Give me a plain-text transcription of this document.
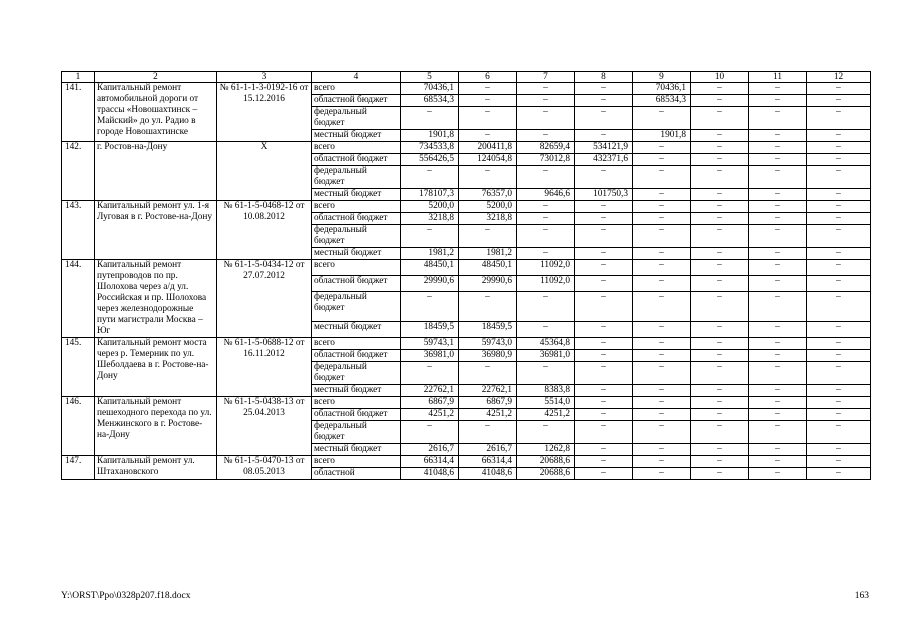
1	2	3	4	5	6	7	8	9	10	11	12
141.	Капитальный ремонт автомобильной дороги от трассы «Новошахтинск – Майский» до ул. Радио в городе Новошахтинске	№ 61-1-1-3-0192-16 от 15.12.2016	всего	70436,1	–	–	–	70436,1	–	–	–
			областной бюджет	68534,3	–	–	–	68534,3	–	–	–
			федеральный бюджет	–	–	–	–	–	–	–	–
			местный бюджет	1901,8	–	–	–	1901,8	–	–	–
142.	г. Ростов-на-Дону	Х	всего	734533,8	200411,8	82659,4	534121,9	–	–	–	–
			областной бюджет	556426,5	124054,8	73012,8	432371,6	–	–	–	–
			федеральный бюджет	–	–	–	–	–	–	–	–
			местный бюджет	178107,3	76357,0	9646,6	101750,3	–	–	–	–
143.	Капитальный ремонт ул. 1-я Луговая в г. Ростове-на-Дону	№ 61-1-5-0468-12 от 10.08.2012	всего	5200,0	5200,0	–	–	–	–	–	–
			областной бюджет	3218,8	3218,8	–	–	–	–	–	–
			федеральный бюджет	–	–	–	–	–	–	–	–
			местный бюджет	1981,2	1981,2	–	–	–	–	–	–
144.	Капитальный ремонт путепроводов по пр. Шолохова через а/д ул. Российская и пр. Шолохова через железнодорожные пути магистрали Москва – Юг	№ 61-1-5-0434-12 от 27.07.2012	всего	48450,1	48450,1	11092,0	–	–	–	–	–
			областной бюджет	29990,6	29990,6	11092,0	–	–	–	–	–
			федеральный бюджет	–	–	–	–	–	–	–	–
			местный бюджет	18459,5	18459,5	–	–	–	–	–	–
145.	Капитальный ремонт моста через р. Темерник по ул. Шеболдаева в г. Ростове-на-Дону	№ 61-1-5-0688-12 от 16.11.2012	всего	59743,1	59743,0	45364,8	–	–	–	–	–
			областной бюджет	36981,0	36980,9	36981,0	–	–	–	–	–
			федеральный бюджет	–	–	–	–	–	–	–	–
			местный бюджет	22762,1	22762,1	8383,8	–	–	–	–	–
146.	Капитальный ремонт пешеходного перехода по ул. Менжинского в г. Ростове-на-Дону	№ 61-1-5-0438-13 от 25.04.2013	всего	6867,9	6867,9	5514,0	–	–	–	–	–
			областной бюджет	4251,2	4251,2	4251,2	–	–	–	–	–
			федеральный бюджет	–	–	–	–	–	–	–	–
			местный бюджет	2616,7	2616,7	1262,8	–	–	–	–	–
147.	Капитальный ремонт ул. Штахановского	№ 61-1-5-0470-13 от 08.05.2013	всего	66314,4	66314,4	20688,6	–	–	–	–	–
			областной	41048,6	41048,6	20688,6	–	–	–	–	–
Y:\ORST\Ppo\0328p207.f18.docx	163
